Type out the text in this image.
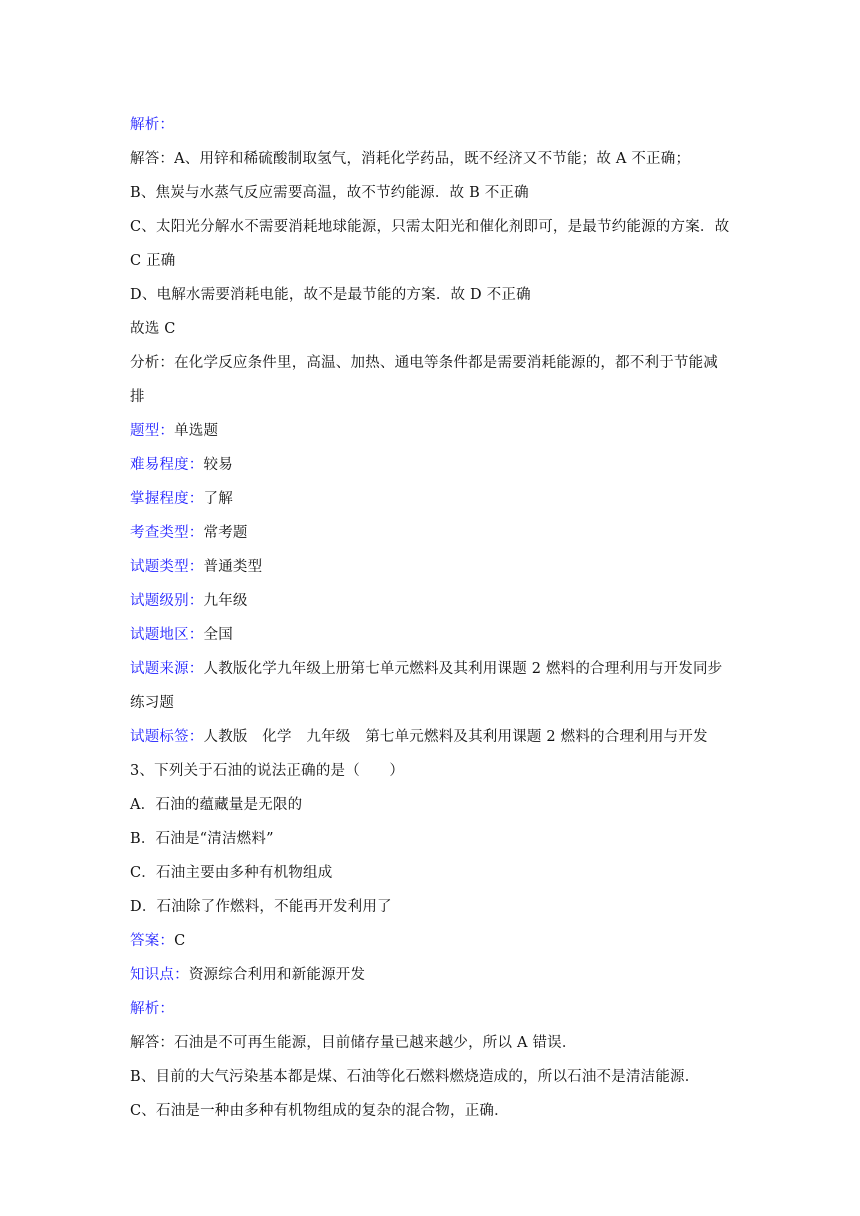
解析：
解答：A、用锌和稀硫酸制取氢气，消耗化学药品，既不经济又不节能；故 A 不正确；
B、焦炭与水蒸气反应需要高温，故不节约能源．故 B 不正确
C、太阳光分解水不需要消耗地球能源，只需太阳光和催化剂即可，是最节约能源的方案．故
C 正确
D、电解水需要消耗电能，故不是最节能的方案．故 D 不正确
故选 C
分析：在化学反应条件里，高温、加热、通电等条件都是需要消耗能源的，都不利于节能减
排
题型：单选题
难易程度：较易
掌握程度：了解
考查类型：常考题
试题类型：普通类型
试题级别：九年级
试题地区：全国
试题来源：人教版化学九年级上册第七单元燃料及其利用课题 2 燃料的合理利用与开发同步
练习题
试题标签：人教版　化学　九年级　第七单元燃料及其利用课题 2 燃料的合理利用与开发
3、下列关于石油的说法正确的是（　　）
A．石油的蕴藏量是无限的
B．石油是“清洁燃料”
C．石油主要由多种有机物组成
D．石油除了作燃料，不能再开发利用了
答案：C
知识点：资源综合利用和新能源开发
解析：
解答：石油是不可再生能源，目前储存量已越来越少，所以 A 错误．
B、目前的大气污染基本都是煤、石油等化石燃料燃烧造成的，所以石油不是清洁能源．
C、石油是一种由多种有机物组成的复杂的混合物，正确．
